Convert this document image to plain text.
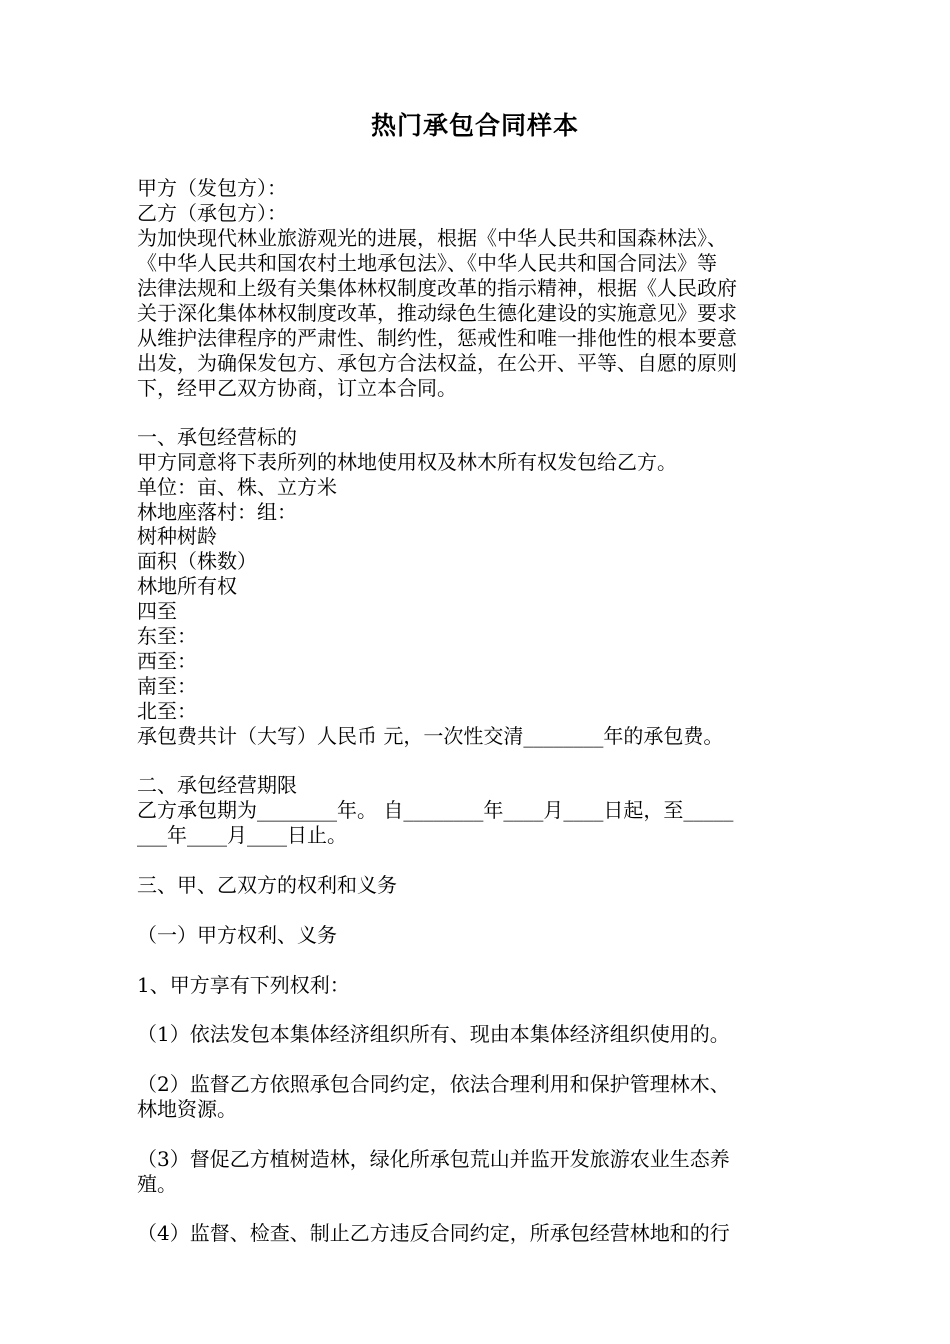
热门承包合同样本
甲方（发包方）：
乙方（承包方）：
为加快现代林业旅游观光的进展，根据《中华人民共和国森林法》、
《中华人民共和国农村土地承包法》、《中华人民共和国合同法》等
法律法规和上级有关集体林权制度改革的指示精神，根据《人民政府
关于深化集体林权制度改革，推动绿色生德化建设的实施意见》要求
从维护法律程序的严肃性、制约性，惩戒性和唯一排他性的根本要意
出发，为确保发包方、承包方合法权益，在公开、平等、自愿的原则
下，经甲乙双方协商，订立本合同。
一、承包经营标的
甲方同意将下表所列的林地使用权及林木所有权发包给乙方。
单位：亩、株、立方米
林地座落村：组：
树种树龄
面积（株数）
林地所有权
四至
东至：
西至：
南至：
北至：
承包费共计（大写）人民币 元，一次性交清________年的承包费。
二、承包经营期限
乙方承包期为________年。 自________年____月____日起，至_____
___年____月____日止。
三、甲、乙双方的权利和义务
（一）甲方权利、义务
1、甲方享有下列权利：
（1）依法发包本集体经济组织所有、现由本集体经济组织使用的。
（2）监督乙方依照承包合同约定，依法合理利用和保护管理林木、
林地资源。
（3）督促乙方植树造林，绿化所承包荒山并监开发旅游农业生态养
殖。
（4）监督、检查、制止乙方违反合同约定，所承包经营林地和的行
